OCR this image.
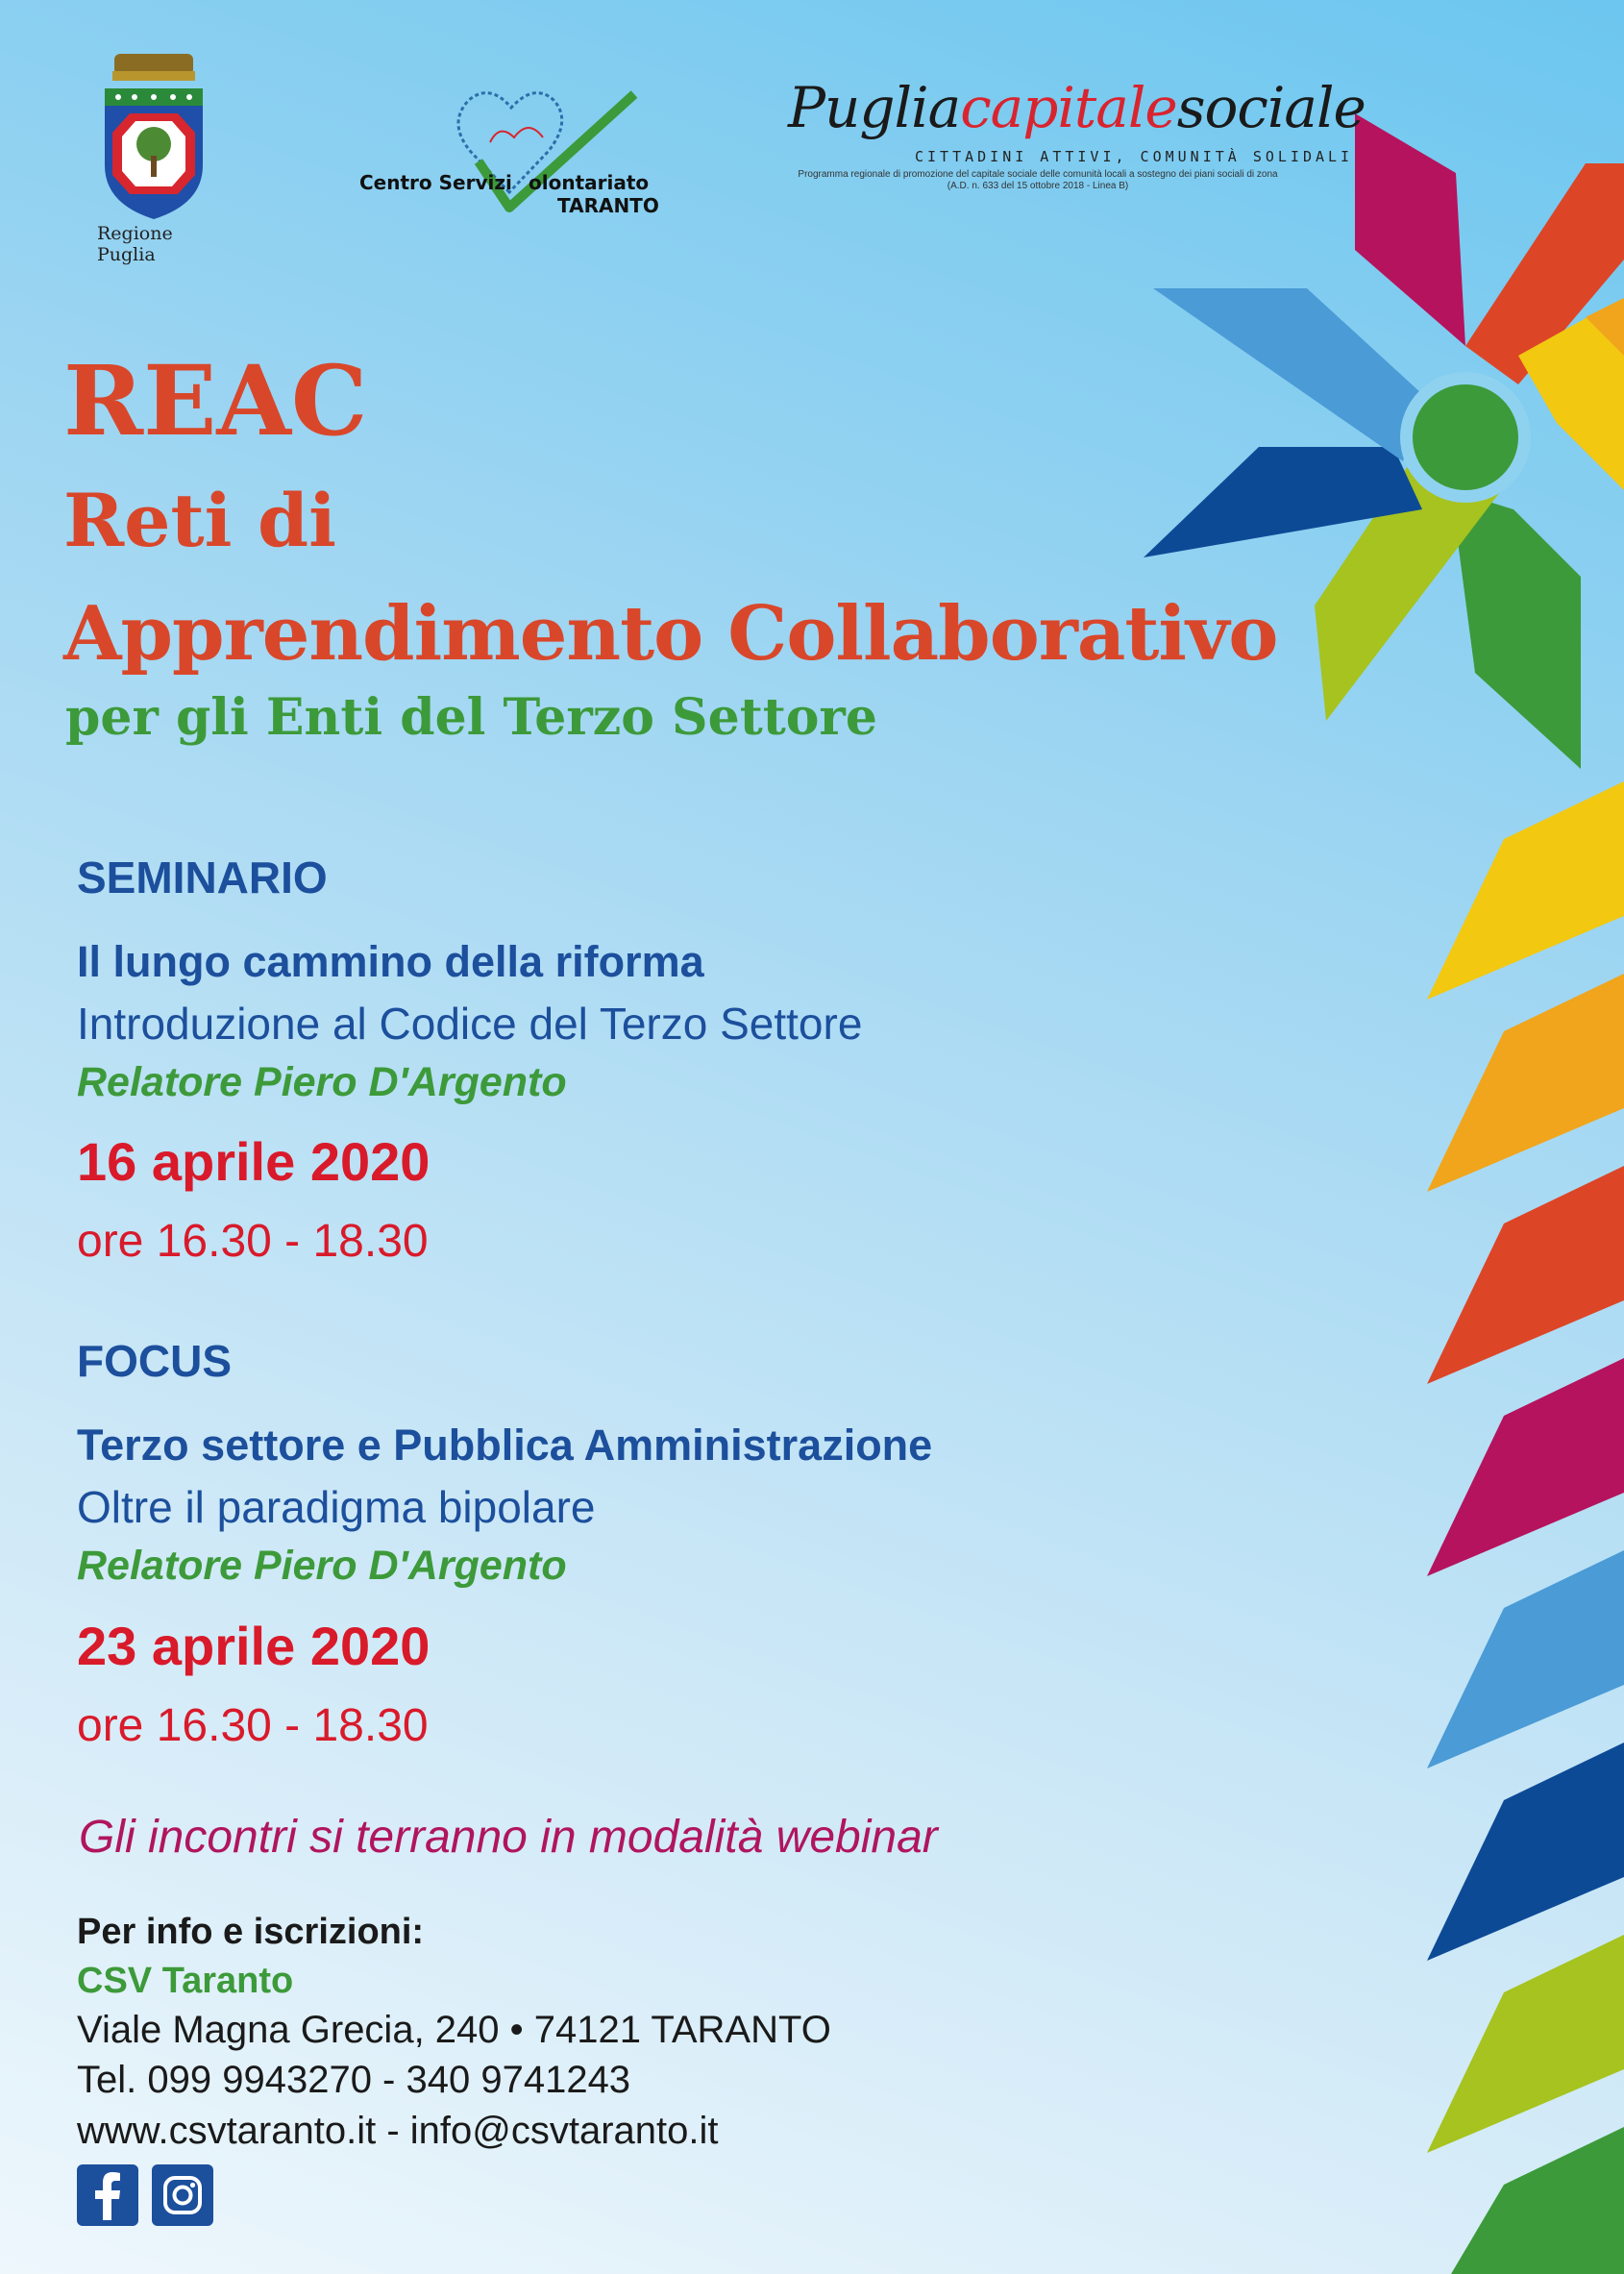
Regione Puglia
Centro Servizi olontariato
TARANTO
Pugliacapitalesociale
CITTADINI ATTIVI, COMUNITÀ SOLIDALI
Programma regionale di promozione del capitale sociale delle comunità locali a sostegno dei piani sociali di zona
(A.D. n. 633 del 15 ottobre 2018 - Linea B)
REAC
Reti di
Apprendimento Collaborativo
per gli Enti del Terzo Settore
SEMINARIO
Il lungo cammino della riforma
Introduzione al Codice del Terzo Settore
Relatore Piero D'Argento
16 aprile 2020
ore 16.30 - 18.30
FOCUS
Terzo settore e Pubblica Amministrazione
Oltre il paradigma bipolare
Relatore Piero D'Argento
23 aprile 2020
ore 16.30 - 18.30
Gli incontri si terranno in modalità webinar
Per info e iscrizioni:
CSV Taranto
Viale Magna Grecia, 240 • 74121 TARANTO
Tel. 099 9943270 - 340 9741243
www.csvtaranto.it - info@csvtaranto.it
